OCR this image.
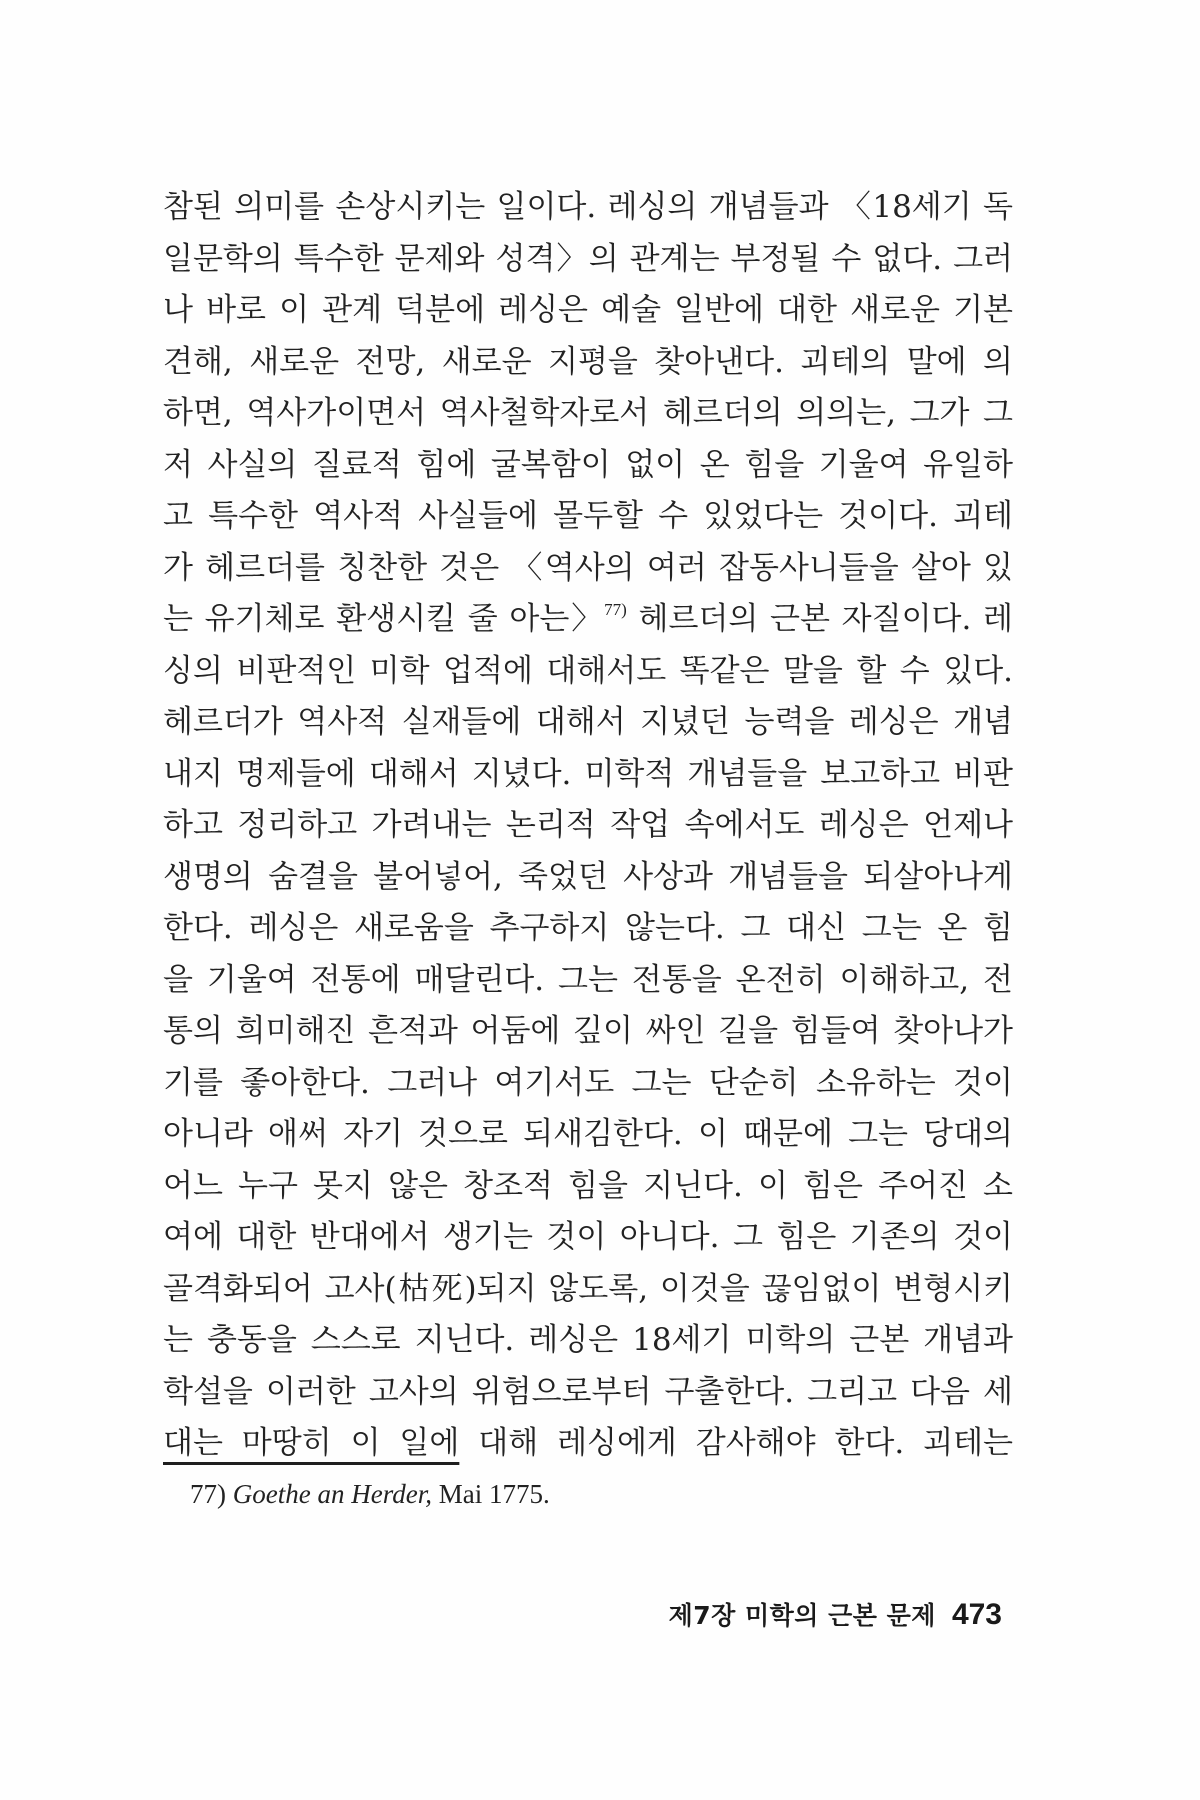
참된 의미를 손상시키는 일이다. 레싱의 개념들과 〈18세기 독
일문학의 특수한 문제와 성격〉의 관계는 부정될 수 없다. 그러
나 바로 이 관계 덕분에 레싱은 예술 일반에 대한 새로운 기본
견해, 새로운 전망, 새로운 지평을 찾아낸다. 괴테의 말에 의
하면, 역사가이면서 역사철학자로서 헤르더의 의의는, 그가 그
저 사실의 질료적 힘에 굴복함이 없이 온 힘을 기울여 유일하
고 특수한 역사적 사실들에 몰두할 수 있었다는 것이다. 괴테
가 헤르더를 칭찬한 것은 〈역사의 여러 잡동사니들을 살아 있
는 유기체로 환생시킬 줄 아는〉$^{77)}$ 헤르더의 근본 자질이다. 레
싱의 비판적인 미학 업적에 대해서도 똑같은 말을 할 수 있다.
헤르더가 역사적 실재들에 대해서 지녔던 능력을 레싱은 개념
내지 명제들에 대해서 지녔다. 미학적 개념들을 보고하고 비판
하고 정리하고 가려내는 논리적 작업 속에서도 레싱은 언제나
생명의 숨결을 불어넣어, 죽었던 사상과 개념들을 되살아나게
한다. 레싱은 새로움을 추구하지 않는다. 그 대신 그는 온 힘
을 기울여 전통에 매달린다. 그는 전통을 온전히 이해하고, 전
통의 희미해진 흔적과 어둠에 깊이 싸인 길을 힘들여 찾아나가
기를 좋아한다. 그러나 여기서도 그는 단순히 소유하는 것이
아니라 애써 자기 것으로 되새김한다. 이 때문에 그는 당대의
어느 누구 못지 않은 창조적 힘을 지닌다. 이 힘은 주어진 소
여에 대한 반대에서 생기는 것이 아니다. 그 힘은 기존의 것이
골격화되어 고사(枯死)되지 않도록, 이것을 끊임없이 변형시키
는 충동을 스스로 지닌다. 레싱은 18세기 미학의 근본 개념과
학설을 이러한 고사의 위험으로부터 구출한다. 그리고 다음 세
대는 마땅히 이 일에 대해 레싱에게 감사해야 한다. 괴테는
77) Goethe an Herder, Mai 1775.
제7장 미학의 근본 문제 473
